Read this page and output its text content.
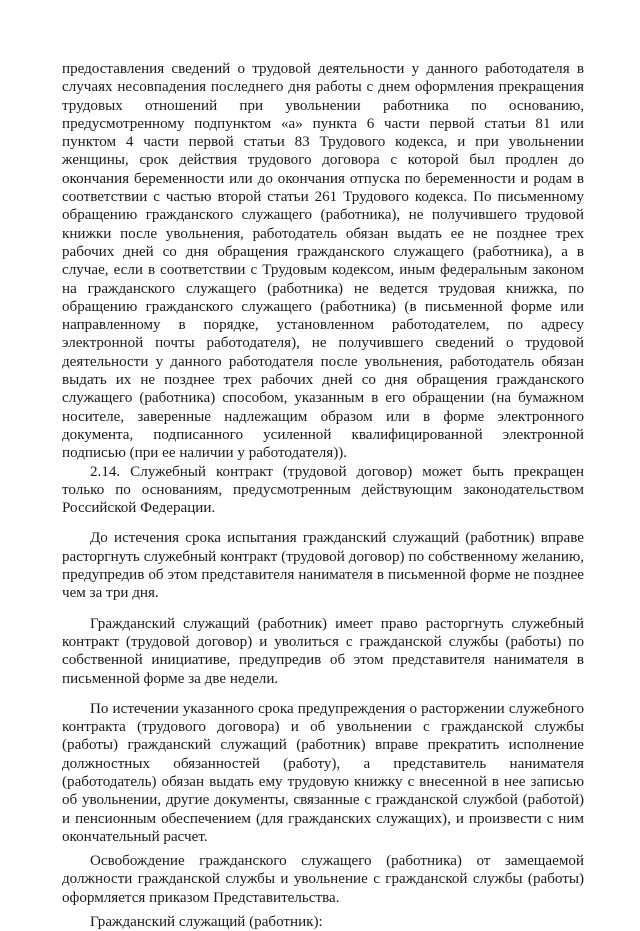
предоставления сведений о трудовой деятельности у данного работодателя в случаях несовпадения последнего дня работы с днем оформления прекращения трудовых отношений при увольнении работника по основанию, предусмотренному подпунктом «а» пункта 6 части первой статьи 81 или пунктом 4 части первой статьи 83 Трудового кодекса, и при увольнении женщины, срок действия трудового договора с которой был продлен до окончания беременности или до окончания отпуска по беременности и родам в соответствии с частью второй статьи 261 Трудового кодекса. По письменному обращению гражданского служащего (работника), не получившего трудовой книжки после увольнения, работодатель обязан выдать ее не позднее трех рабочих дней со дня обращения гражданского служащего (работника), а в случае, если в соответствии с Трудовым кодексом, иным федеральным законом на гражданского служащего (работника) не ведется трудовая книжка, по обращению гражданского служащего (работника) (в письменной форме или направленному в порядке, установленном работодателем, по адресу электронной почты работодателя), не получившего сведений о трудовой деятельности у данного работодателя после увольнения, работодатель обязан выдать их не позднее трех рабочих дней со дня обращения гражданского служащего (работника) способом, указанным в его обращении (на бумажном носителе, заверенные надлежащим образом или в форме электронного документа, подписанного усиленной квалифицированной электронной подписью (при ее наличии у работодателя)).

2.14. Служебный контракт (трудовой договор) может быть прекращен только по основаниям, предусмотренным действующим законодательством Российской Федерации.

До истечения срока испытания гражданский служащий (работник) вправе расторгнуть служебный контракт (трудовой договор) по собственному желанию, предупредив об этом представителя нанимателя в письменной форме не позднее чем за три дня.

Гражданский служащий (работник) имеет право расторгнуть служебный контракт (трудовой договор) и уволиться с гражданской службы (работы) по собственной инициативе, предупредив об этом представителя нанимателя в письменной форме за две недели.

По истечении указанного срока предупреждения о расторжении служебного контракта (трудового договора) и об увольнении с гражданской службы (работы) гражданский служащий (работник) вправе прекратить исполнение должностных обязанностей (работу), а представитель нанимателя (работодатель) обязан выдать ему трудовую книжку с внесенной в нее записью об увольнении, другие документы, связанные с гражданской службой (работой) и пенсионным обеспечением (для гражданских служащих), и произвести с ним окончательный расчет.

Освобождение гражданского служащего (работника) от замещаемой должности гражданской службы и увольнение с гражданской службы (работы) оформляется приказом Представительства.

Гражданский служащий (работник):
